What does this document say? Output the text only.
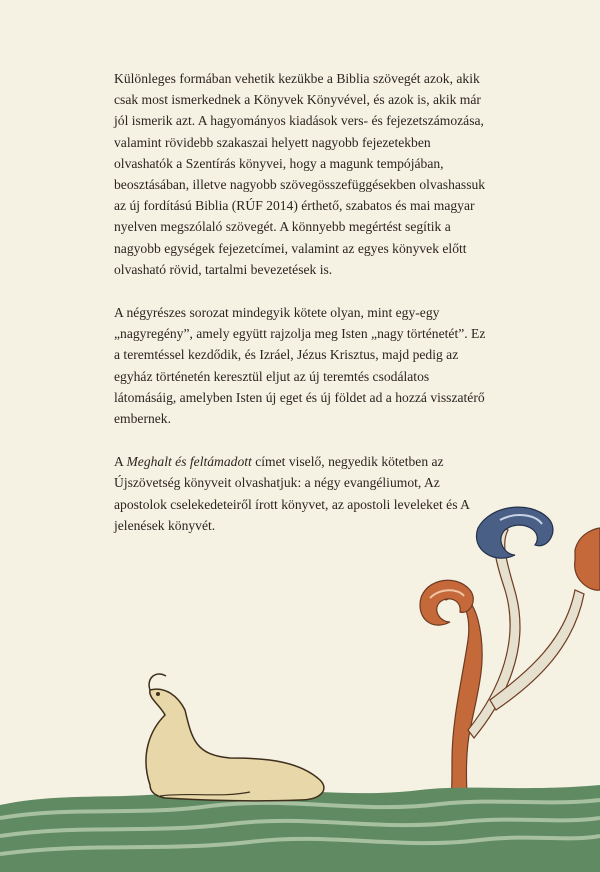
Különleges formában vehetik kezükbe a Biblia szövegét azok, akik csak most ismerkednek a Könyvek Könyvével, és azok is, akik már jól ismerik azt. A hagyományos kiadások vers- és fejezetszámozása, valamint rövidebb szakaszai helyett nagyobb fejezetekben olvashatók a Szentírás könyvei, hogy a magunk tempójában, beosztásában, illetve nagyobb szövegösszefüggésekben olvashassuk az új fordítású Biblia (RÚF 2014) érthető, szabatos és mai magyar nyelven megszólaló szövegét. A könnyebb megértést segítik a nagyobb egységek fejezetcímei, valamint az egyes könyvek előtt olvasható rövid, tartalmi bevezetések is.

A négyrészes sorozat mindegyik kötete olyan, mint egy-egy „nagyregény”, amely együtt rajzolja meg Isten „nagy történetét”. Ez a teremtéssel kezdődik, és Izráel, Jézus Krisztus, majd pedig az egyház történetén keresztül eljut az új teremtés csodálatos látomásáig, amelyben Isten új eget és új földet ad a hozzá visszatérő embernek.

A Meghalt és feltámadott címet viselő, negyedik kötetben az Újszövetség könyveit olvashatjuk: a négy evangéliumot, Az apostolok cselekedeteiről írott könyvet, az apostoli leveleket és A jelenések könyvét.
